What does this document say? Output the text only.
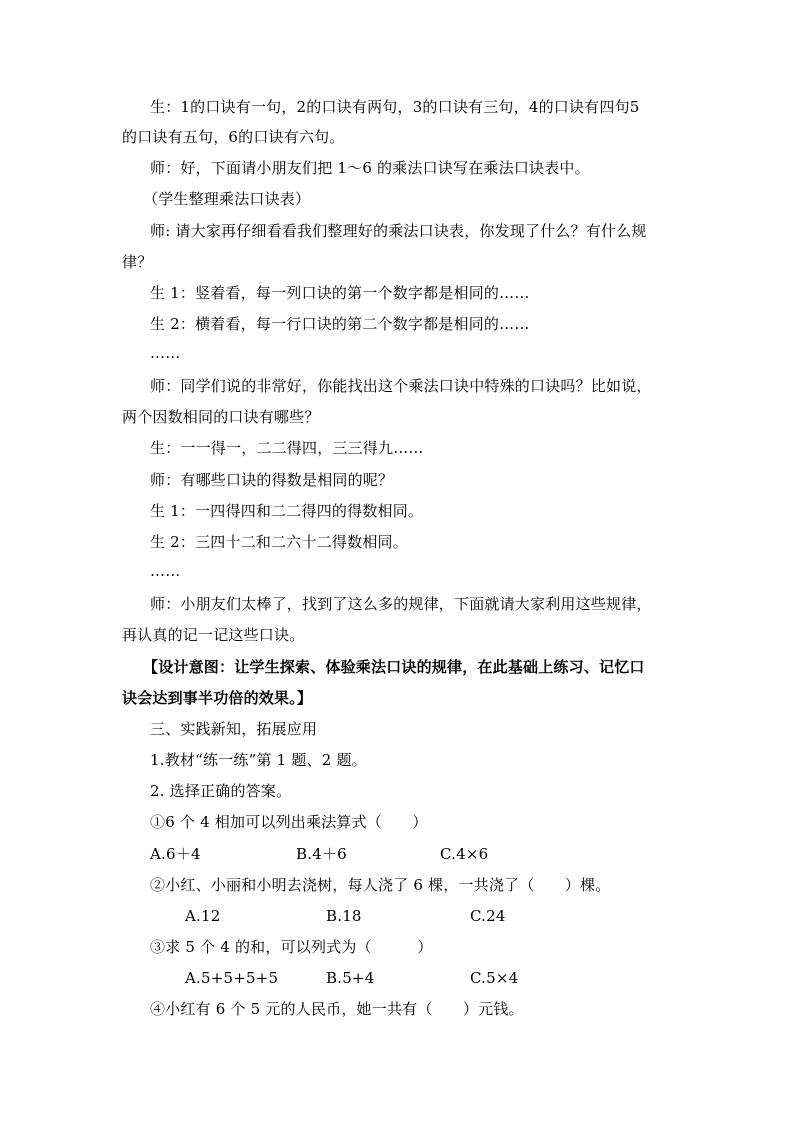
生：1的口诀有一句，2的口诀有两句，3的口诀有三句，4的口诀有四句5
的口诀有五句，6的口诀有六句。
师：好，下面请小朋友们把 1～6 的乘法口诀写在乘法口诀表中。
（学生整理乘法口诀表）
师: 请大家再仔细看看我们整理好的乘法口诀表，你发现了什么？有什么规
律？
生 1：竖着看，每一列口诀的第一个数字都是相同的……
生 2：横着看，每一行口诀的第二个数字都是相同的……
……
师：同学们说的非常好，你能找出这个乘法口诀中特殊的口诀吗？比如说，
两个因数相同的口诀有哪些？
生：一一得一，二二得四，三三得九……
师：有哪些口诀的得数是相同的呢？
生 1：一四得四和二二得四的得数相同。
生 2：三四十二和二六十二得数相同。
……
师：小朋友们太棒了，找到了这么多的规律，下面就请大家利用这些规律，
再认真的记一记这些口诀。
【设计意图：让学生探索、体验乘法口诀的规律，在此基础上练习、记忆口
诀会达到事半功倍的效果。】
三、实践新知，拓展应用
1.教材“练一练”第 1 题、2 题。
2. 选择正确的答案。
①6 个 4 相加可以列出乘法算式（　　）
A.6＋4	B.4＋6	C.4×6
②小红、小丽和小明去浇树，每人浇了 6 棵，一共浇了（　　）棵。
A.12	B.18	C.24
③求 5 个 4 的和，可以列式为（　　　）
A.5+5+5+5	B.5+4	C.5×4
④小红有 6 个 5 元的人民币，她一共有（　　）元钱。
